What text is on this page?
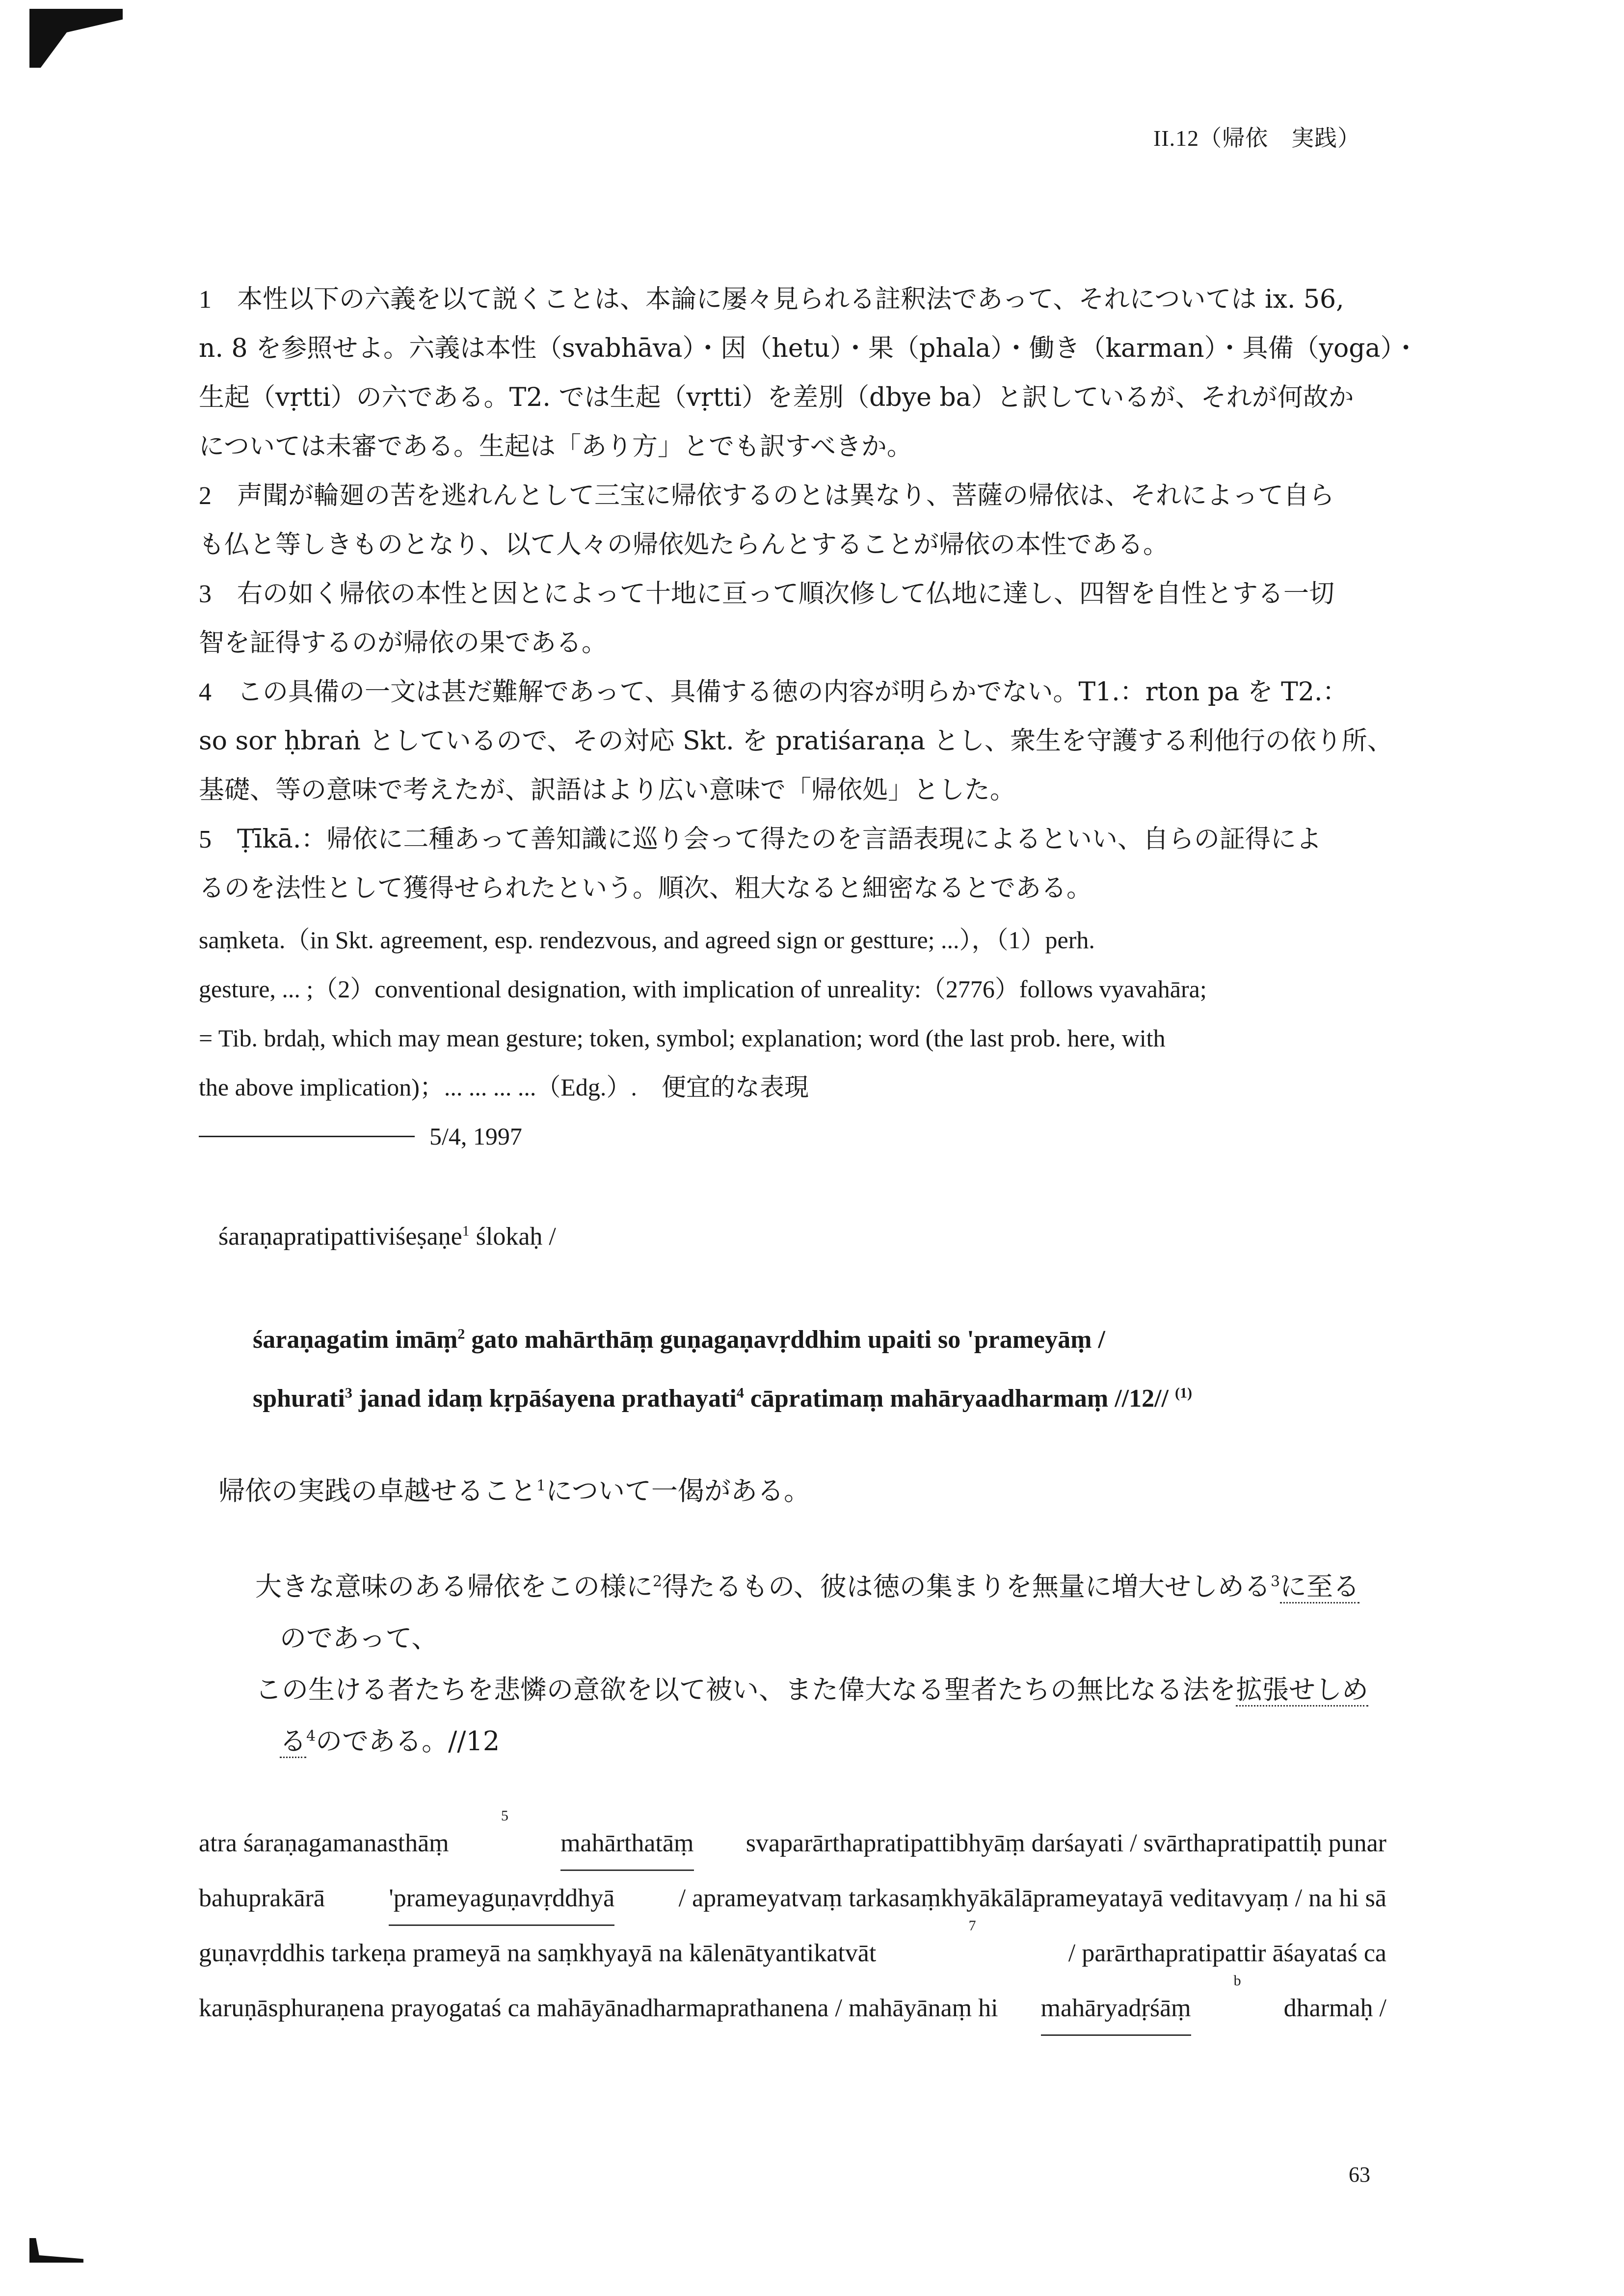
II.12（帰依　実践）
1　 本性以下の六義を以て説くことは、本論に屡々見られる註釈法であって、それについては ix. 56,
n. 8 を参照せよ。六義は本性（svabhāva）・因（hetu）・果（phala）・働き（karman）・具備（yoga）・
生起（vṛtti）の六である。T2. では生起（vṛtti）を差別（dbye ba）と訳しているが、それが何故か
については未審である。生起は「あり方」とでも訳すべきか。
2　 声聞が輪廻の苦を逃れんとして三宝に帰依するのとは異なり、菩薩の帰依は、それによって自ら
も仏と等しきものとなり、以て人々の帰依処たらんとすることが帰依の本性である。
3　 右の如く帰依の本性と因とによって十地に亘って順次修して仏地に達し、四智を自性とする一切
智を証得するのが帰依の果である。
4　 この具備の一文は甚だ難解であって、具備する徳の内容が明らかでない。T1.：rton pa を T2.：
so sor ḥbraṅ としているので、その対応 Skt. を pratiśaraṇa とし、衆生を守護する利他行の依り所、
基礎、等の意味で考えたが、訳語はより広い意味で「帰依処」とした。
5　 Ṭīkā.：帰依に二種あって善知識に巡り会って得たのを言語表現によるといい、自らの証得によ
るのを法性として獲得せられたという。順次、粗大なると細密なるとである。
saṃketa.（in Skt. agreement, esp. rendezvous, and agreed sign or gestture; ...），（1）perh.
gesture, ... ;（2）conventional designation, with implication of unreality:（2776）follows vyavahāra;
= Tib. brdaḥ, which may mean gesture; token, symbol; explanation; word (the last prob. here, with
the above implication)；... ... ... ...（Edg.）.　 便宜的な表現
5/4, 1997
śaraṇapratipattiviśeṣaṇe$^1$ ślokaḥ /
śaraṇagatim imāṃ$^2$ gato mahārthāṃ guṇagaṇavṛddhim upaiti so 'prameyāṃ /
sphurati$^3$ janad idaṃ kṛpāśayena prathayati$^4$ cāpratimaṃ mahāryaadharmaṃ //12// $^{(1)}$
帰依の実践の卓越せること$^1$について一偈がある。
大きな意味のある帰依をこの様に$^2$得たるもの、彼は徳の集まりを無量に増大せしめる$^3$に至る
のであって、
この生ける者たちを悲憐の意欲を以て被い、また偉大なる聖者たちの無比なる法を拡張せしめ
る$^4$のである。//12
atra śaraṇagamanasthāṃ
5
mahārthatāṃ svaparārthapratipattibhyāṃ darśayati / svārthapratipattiḥ punar
bahuprakārā	'prameyaguṇavṛddhyā	/ aprameyatvaṃ tarkasaṃkhyākālāprameyatayā veditavyaṃ / na hi sā
guṇavṛddhis tarkeṇa prameyā na saṃkhyayā na kālenātyantikatvāt
7
/ parārthapratipattir āśayataś ca
karuṇāsphuraṇena prayogataś ca mahāyānadharmaprathanena / mahāyānaṃ hi mahāryadṛśāṃ
b
dharmaḥ /
63
